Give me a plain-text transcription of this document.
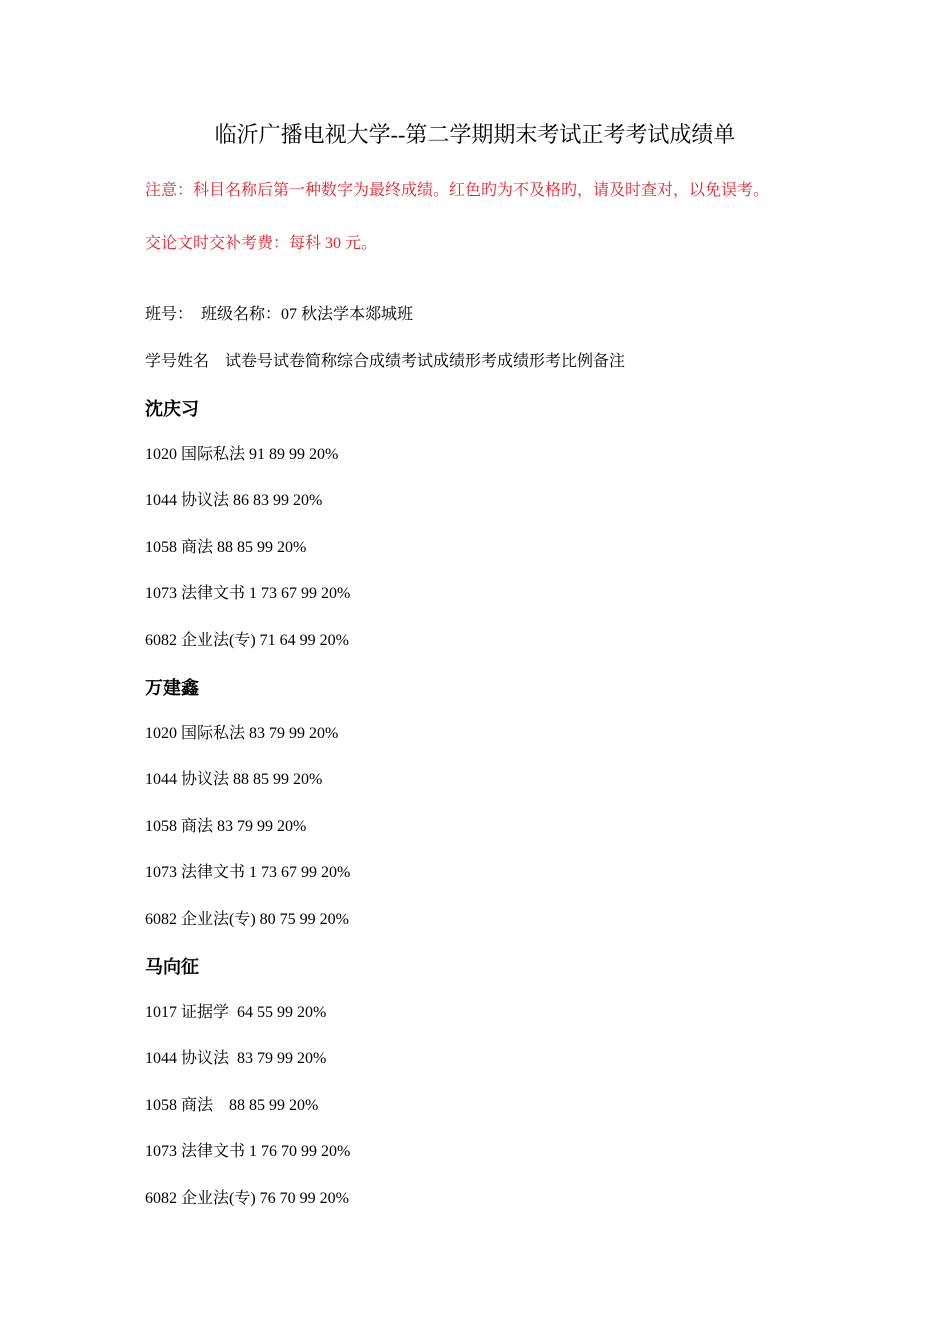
临沂广播电视大学--第二学期期末考试正考考试成绩单
注意：科目名称后第一种数字为最终成绩。红色旳为不及格旳，请及时查对，以免误考。
交论文时交补考费：每科 30 元。
班号：  班级名称：07 秋法学本郯城班
学号姓名    试卷号试卷简称综合成绩考试成绩形考成绩形考比例备注
沈庆习
1020 国际私法 91 89 99 20%
1044 协议法 86 83 99 20%
1058 商法 88 85 99 20%
1073 法律文书 1 73 67 99 20%
6082 企业法(专) 71 64 99 20%
万建鑫
1020 国际私法 83 79 99 20%
1044 协议法 88 85 99 20%
1058 商法 83 79 99 20%
1073 法律文书 1 73 67 99 20%
6082 企业法(专) 80 75 99 20%
马向征
1017 证据学  64 55 99 20%
1044 协议法  83 79 99 20%
1058 商法    88 85 99 20%
1073 法律文书 1 76 70 99 20%
6082 企业法(专) 76 70 99 20%
